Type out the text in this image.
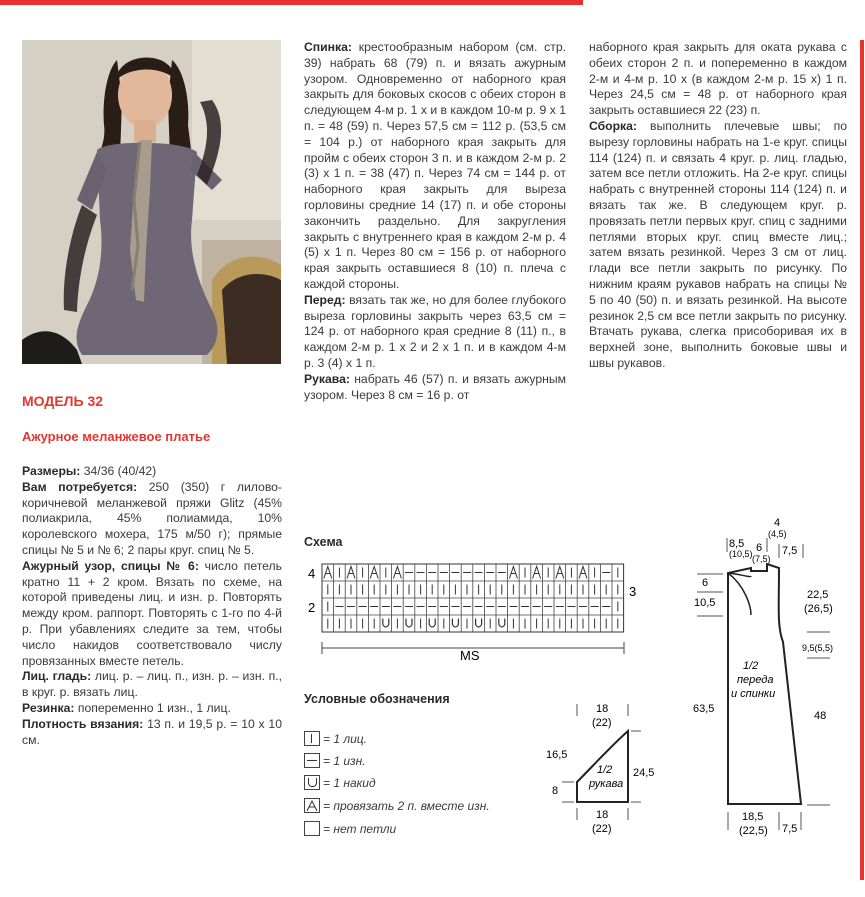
МОДЕЛЬ 32
Ажурное меланжевое платье

Размеры: 34/36 (40/42)

Вам потребуется: 250 (350) г лилово-коричневой меланжевой пряжи Glitz (45% полиакрила, 45% полиамида, 10% королевского мохера, 175 м/50 г); прямые спицы № 5 и № 6; 2 пары круг. спиц № 5.

Ажурный узор, спицы № 6: число петель кратно 11 + 2 кром. Вязать по схеме, на которой приведены лиц. и изн. р. Повторять между кром. раппорт. Повторять с 1-го по 4-й р. При убавлениях следите за тем, чтобы число накидов соответствовало числу провязанных вместе петель.

Лиц. гладь: лиц. р. – лиц. п., изн. р. – изн. п., в круг. р. вязать лиц.

Резинка: попеременно 1 изн., 1 лиц.

Плотность вязания: 13 п. и 19,5 р. = 10 х 10 см.

Спинка: крестообразным набором (см. стр. 39) набрать 68 (79) п. и вязать ажурным узором. Одновременно от наборного края закрыть для боковых скосов с обеих сторон в следующем 4-м р. 1 х и в каждом 10-м р. 9 х 1 п. = 48 (59) п. Через 57,5 см = 112 р. (53,5 см = 104 р.) от наборного края закрыть для пройм с обеих сторон 3 п. и в каждом 2-м р. 2 (3) х 1 п. = 38 (47) п. Через 74 см = 144 р. от наборного края закрыть для выреза горловины средние 14 (17) п. и обе стороны закончить раздельно. Для закругления закрыть с внутреннего края в каждом 2-м р. 4 (5) х 1 п. Через 80 см = 156 р. от наборного края закрыть оставшиеся 8 (10) п. плеча с каждой стороны.

Перед: вязать так же, но для более глубокого выреза горловины закрыть через 63,5 см = 124 р. от наборного края средние 8 (11) п., в каждом 2-м р. 1 х 2 и 2 х 1 п. и в каждом 4-м р. 3 (4) х 1 п.

Рукава: набрать 46 (57) п. и вязать ажурным узором. Через 8 см = 16 р. от

наборного края закрыть для оката рукава с обеих сторон 2 п. и попеременно в каждом 2-м и 4-м р. 10 х (в каждом 2-м р. 15 х) 1 п. Через 24,5 см = 48 р. от наборного края закрыть оставшиеся 22 (23) п.

Сборка: выполнить плечевые швы; по вырезу горловины набрать на 1-е круг. спицы 114 (124) п. и связать 4 круг. р. лиц. гладью, затем все петли отложить. На 2-е круг. спицы набрать с внутренней стороны 114 (124) п. и вязать так же. В следующем круг. р. провязать петли первых круг. спиц с задними петлями вторых круг. спиц вместе лиц.; затем вязать резинкой. Через 3 см от лиц. глади все петли закрыть по рисунку. По нижним краям рукавов набрать на спицы № 5 по 40 (50) п. и вязать резинкой. На высоте резинок 2,5 см все петли закрыть по рисунку. Втачать рукава, слегка присоборивая их в верхней зоне, выполнить боковые швы и швы рукавов.

Схема
4
3
2
MS
Условные обозначения
= 1 лиц.
= 1 изн.
= 1 накид
= провязать 2 п. вместе изн.
= нет петли
18
(22)
16,5
8
24,5
1/2
рукава
18
(22)
4
(4,5)
8,5
(10,5) 6
(7,5)
7,5
6
10,5
22,5
(26,5)
9,5(5,5)
63,5
48
1/2
переда
и спинки
18,5
(22,5) 7,5
